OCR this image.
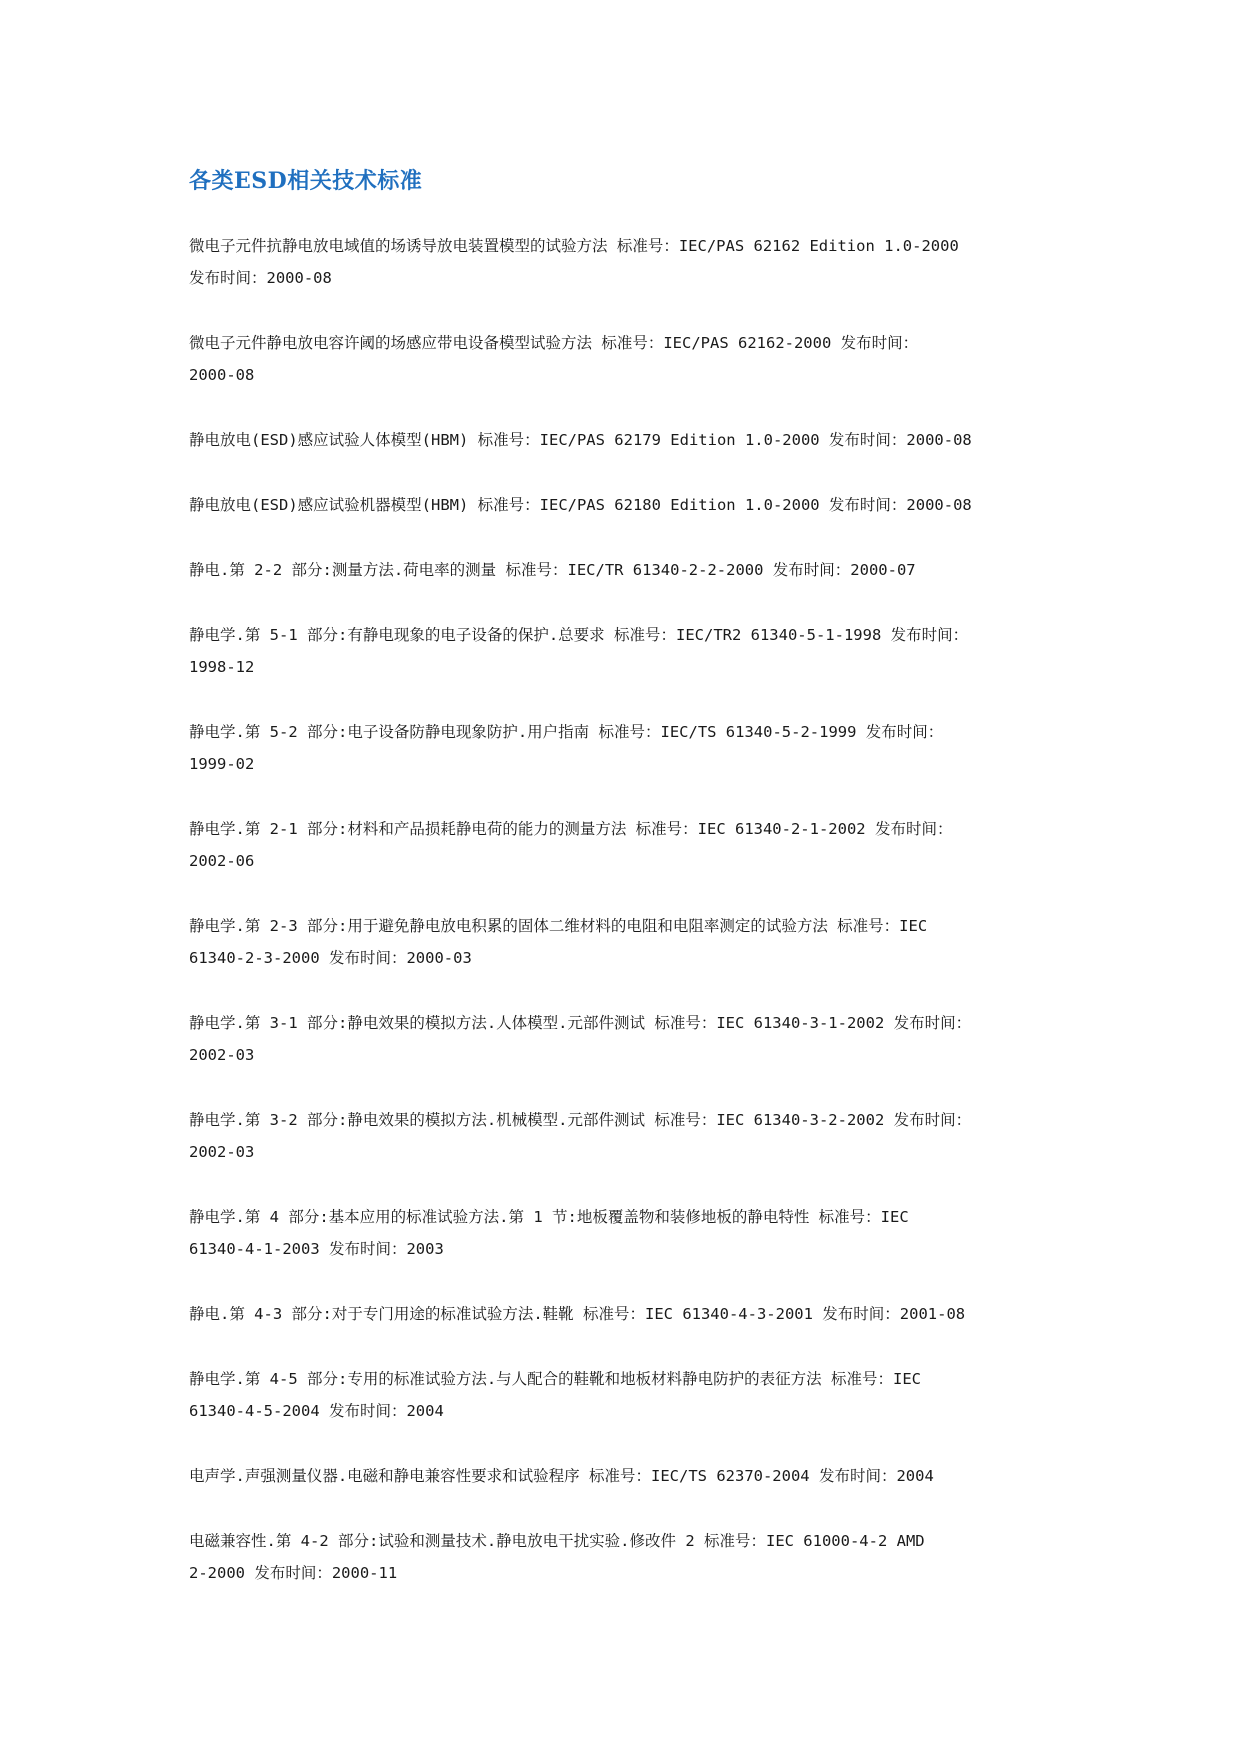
各类ESD相关技术标准
微电子元件抗静电放电域值的场诱导放电装置模型的试验方法 标准号：IEC/PAS 62162 Edition 1.0-2000
发布时间：2000-08
微电子元件静电放电容许阈的场感应带电设备模型试验方法 标准号：IEC/PAS 62162-2000 发布时间：
2000-08
静电放电(ESD)感应试验人体模型(HBM) 标准号：IEC/PAS 62179 Edition 1.0-2000 发布时间：2000-08
静电放电(ESD)感应试验机器模型(HBM) 标准号：IEC/PAS 62180 Edition 1.0-2000 发布时间：2000-08
静电.第 2-2 部分:测量方法.荷电率的测量 标准号：IEC/TR 61340-2-2-2000 发布时间：2000-07
静电学.第 5-1 部分:有静电现象的电子设备的保护.总要求 标准号：IEC/TR2 61340-5-1-1998 发布时间：
1998-12
静电学.第 5-2 部分:电子设备防静电现象防护.用户指南 标准号：IEC/TS 61340-5-2-1999 发布时间：
1999-02
静电学.第 2-1 部分:材料和产品损耗静电荷的能力的测量方法 标准号：IEC 61340-2-1-2002 发布时间：
2002-06
静电学.第 2-3 部分:用于避免静电放电积累的固体二维材料的电阻和电阻率测定的试验方法 标准号：IEC
61340-2-3-2000 发布时间：2000-03
静电学.第 3-1 部分:静电效果的模拟方法.人体模型.元部件测试 标准号：IEC 61340-3-1-2002 发布时间：
2002-03
静电学.第 3-2 部分:静电效果的模拟方法.机械模型.元部件测试 标准号：IEC 61340-3-2-2002 发布时间：
2002-03
静电学.第 4 部分:基本应用的标准试验方法.第 1 节:地板覆盖物和装修地板的静电特性 标准号：IEC
61340-4-1-2003 发布时间：2003
静电.第 4-3 部分:对于专门用途的标准试验方法.鞋靴 标准号：IEC 61340-4-3-2001 发布时间：2001-08
静电学.第 4-5 部分:专用的标准试验方法.与人配合的鞋靴和地板材料静电防护的表征方法 标准号：IEC
61340-4-5-2004 发布时间：2004
电声学.声强测量仪器.电磁和静电兼容性要求和试验程序 标准号：IEC/TS 62370-2004 发布时间：2004
电磁兼容性.第 4-2 部分:试验和测量技术.静电放电干扰实验.修改件 2 标准号：IEC 61000-4-2 AMD
2-2000 发布时间：2000-11
